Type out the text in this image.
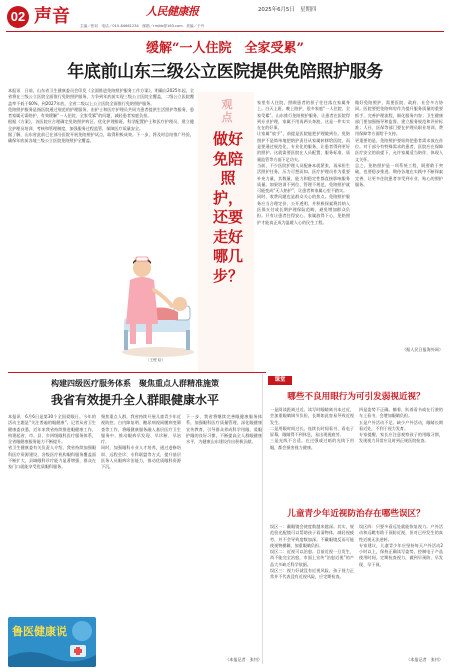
02 声音	人民健康报	2025年6月5日　星期四
主编／张钊　电话／010-84661234　邮箱／rmjkb@163.com　美编／于丹
缓解“一人住院　全家受累”
年底前山东三级公立医院提供免陪照护服务
本报讯　日前，山东省卫生健康委员会印发《全面推进免陪照护服务工作方案》，明确自2025年起，全省将在三级公立医院全面推行免陪照护服务，力争到年底前实现三级公立医院全覆盖，二级公立医院覆盖率不低于60%，到2027年底，全省二级以上公立医院全面推行免陪照护服务。
免陪照护服务是指医院通过规范的护理服务，由护士和医疗护理员共同为患者提供生活照护等服务，患者家属无需陪护，有效缓解“一人住院、全家受累”的问题，减轻患者家庭负担。
根据《方案》，各医院应合理确定免陪照护病区，优化护理排班，科学配置护士和医疗护理员，建立健全护理员培训、考核和管理制度，加强服务过程监管，保障医疗质量安全。
据了解，山东省此前已在部分医院开展免陪照护试点，取得积极成效。下一步，将及时总结推广经验，确保年底前各地三级公立医院免陪照护全覆盖。
观点
做好免陪照护，还要走好哪几步？
家里有人住院，照顾患者的担子往往落在家属身上。白天上班、晚上陪护，很多家庭“一人住院、全家受累”。山东推行免陪照护服务，让患者在医院得到专业护理，家属不用再两头奔波，这是一件实实在在的好事。
让家属“放手”，前提是医院能把护理做到位。免陪照护不是简单地把陪护责任从家属转移给医院，而是要通过规范化、专业化的服务，让患者得到更好的照护。这就需要医院在人员配置、服务标准、质量监管等方面下足功夫。
当前，不少医院护理人员配备本就紧张，再承担生活照护任务，压力可想而知。医疗护理员作为重要补充力量，其数量、能力和稳定性都直接影响服务质量。如果培训不到位、管理不规范，免陪照护就可能变成“无人陪护”，让患者和家属心里不踏实。
同时，收费问题也是群众关心的焦点。免陪照护服务应当合理定价、公开透明，并积极探索将其纳入医保支付或长期护理保险范畴，避免增加群众负担。只有让患者住得安心、家属放得下心，免陪照护才能真正成为温暖人心的民生工程。
做好免陪照护，需要医院、政府、社会多方协同。医院要把免陪病房作为提升服务质量的重要抓手，完善护理流程，细化服务内容；卫生健康部门要加强指导和监督，建立服务规范和评价标准；人社、医保等部门要在护理员职业培训、费用保障等方面给予支持。
更重要的是，免陪照护要始终把患者需求放在首位。对于部分有特殊需求的患者，医院应在保障医疗安全的前提下，允许家属适当陪伴，体现人文关怀。
总之，免陪照护是一项系统工程，既要敢于突破，也要稳步推进。期待各地在实践中不断探索完善，让更多住院患者享受到专业、贴心的照护服务。
（据人民日报海外网）
（王俊 绘）
构建四级医疗服务体系　聚焦重点人群精准施策
我省有效提升全人群眼健康水平
本报讯　6月6日是第30个全国爱眼日。今年的活动主题是“关注普遍的眼健康”。记者从省卫生健康委获悉，近年来我省持续推进眼健康工作，构建起省、市、县、乡四级眼科医疗服务体系，全省眼健康服务能力不断提升。
省卫生健康委有关负责人介绍，我省持续加强眼科医疗资源建设，各级医疗机构眼科服务覆盖面不断扩大，县域眼科诊疗能力显著增强，群众在家门口就能享受优质眼科服务。
聚焦重点人群，我省持续开展儿童青少年近视防控、白内障复明、糖尿病视网膜病变筛查等工作，将眼健康服务融入基层医疗卫生服务中，推动眼病早发现、早诊断、早治疗。
同时，加强眼科专业人才培养，通过进修培训、远程会诊、专科联盟等方式，提升基层医务人员眼病诊治能力，推动优质眼科资源下沉。
下一步，我省将继续完善眼健康服务体系，加强眼科医疗质量管理，深化眼健康宣传教育，引导群众养成科学用眼、爱眼护眼的良好习惯，不断提高全人群眼健康水平，为健康山东建设作出积极贡献。
（本报记者　张钊）
鲁医健康说
课堂
哪些不良用眼行为可引发弱视近视？
一是阅读距离过近。读写时眼睛离书本过近，会加重眼睛调节负担，长期如此容易导致近视发生。
二是用眼时间过长。连续长时间看书、看电子屏幕，眼睛得不到休息，易出现视疲劳。
三是光线不合适。在过强或过暗的光线下用眼，都会损害视力健康。
四是姿势不正确。躺着、趴着看书或在行驶的车上看书，会增加眼睛负担。
五是户外活动不足。缺少户外活动，眼睛长期看近处，不利于视力发育。
专家提醒，家长应注意观察孩子的用眼习惯，发现视力异常应及时到正规医院检查。
儿童青少年近视防治存在哪些误区？
误区一：戴眼镜会使度数越来越深。其实，规范验光配镜可以帮助孩子看清物体，减轻视疲劳，并不会导致度数加深。不戴眼镜反而可能使视物模糊，加重眼睛负担。
误区二：近视可以治愈。目前近视一旦发生，尚不能完全治愈，市面上宣传“治愈近视”的产品大多缺乏科学依据。
误区三：视力好就没有近视风险。孩子视力正常并不代表没有近视风险，应定期检查。
误区四：只要多看远处就能恢复视力。户外活动和远眺有助于预防近视，但对已经发生的真性近视无法逆转。
专家建议，儿童青少年应坚持每天户外活动2小时以上，保持正确读写姿势，控制电子产品使用时间，定期检查视力，做到早预防、早发现、早干预。
（本报记者　张钊）
